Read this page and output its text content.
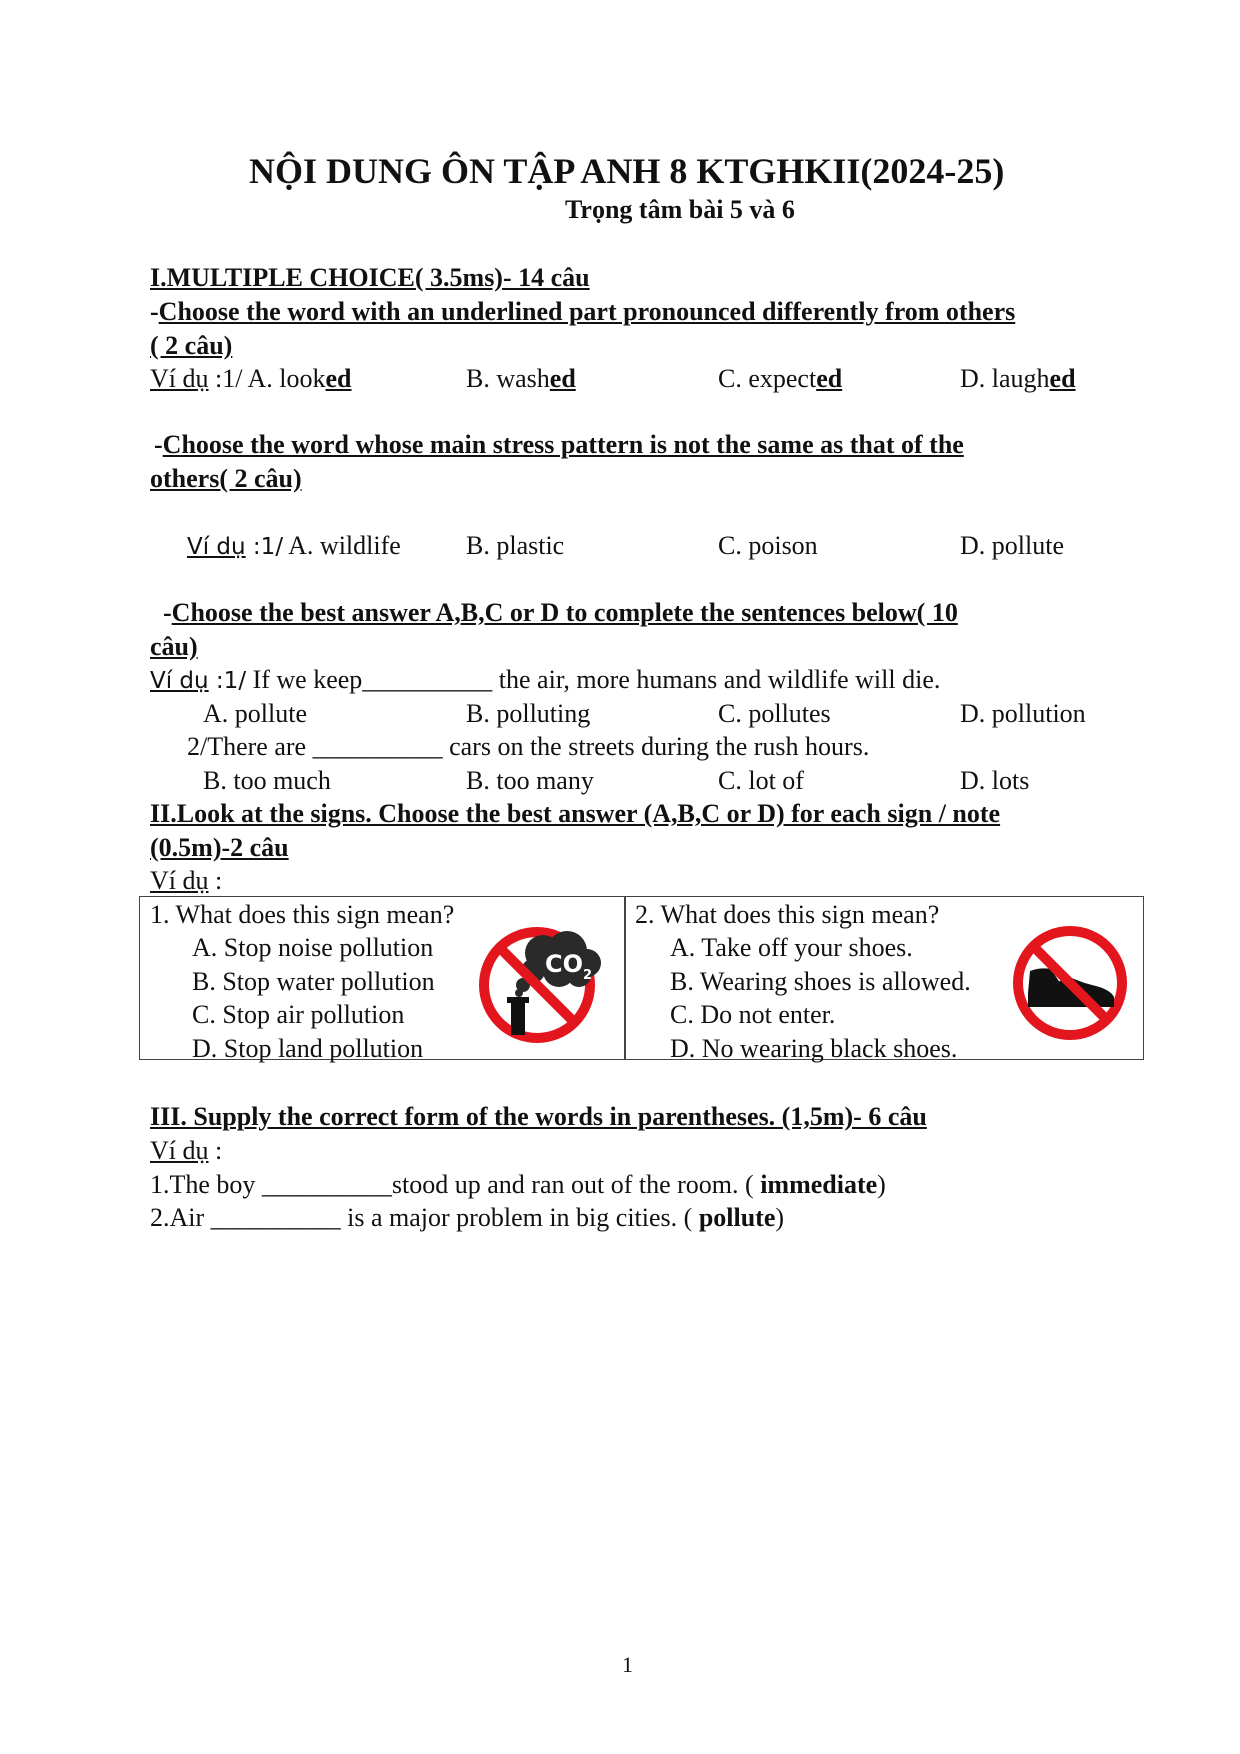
NỘI DUNG ÔN TẬP ANH 8 KTGHKII(2024-25)
Trọng tâm bài 5 và 6
I.MULTIPLE CHOICE( 3.5ms)- 14 câu
-Choose the word with an underlined part pronounced differently from others
( 2 câu)
Ví dụ :1/ A. looked	B. washed	C. expected	D. laughed
-Choose the word whose main stress pattern is not the same as that of the
others( 2 câu)
Ví dụ :1/ A. wildlife	B. plastic	C. poison	D. pollute
-Choose the best answer A,B,C or D to complete the sentences below( 10
câu)
Ví dụ :1/ If we keep__________ the air, more humans and wildlife will die.
A. pollute	B. polluting	C. pollutes	D. pollution
2/There are __________ cars on the streets during the rush hours.
B. too much	B. too many	C. lot of	D. lots
II.Look at the signs. Choose the best answer (A,B,C or D) for each sign / note
(0.5m)-2 câu
Ví dụ :
1. What does this sign mean?
A. Stop noise pollution
B. Stop water pollution
C. Stop air pollution
D. Stop land pollution
CO 2
2. What does this sign mean?
A. Take off your shoes.
B. Wearing shoes is allowed.
C. Do not enter.
D. No wearing black shoes.
III. Supply the correct form of the words in parentheses. (1,5m)- 6 câu
Ví dụ :
1.The boy __________stood up and ran out of the room. ( immediate)
2.Air __________ is a major problem in big cities. ( pollute)
1
